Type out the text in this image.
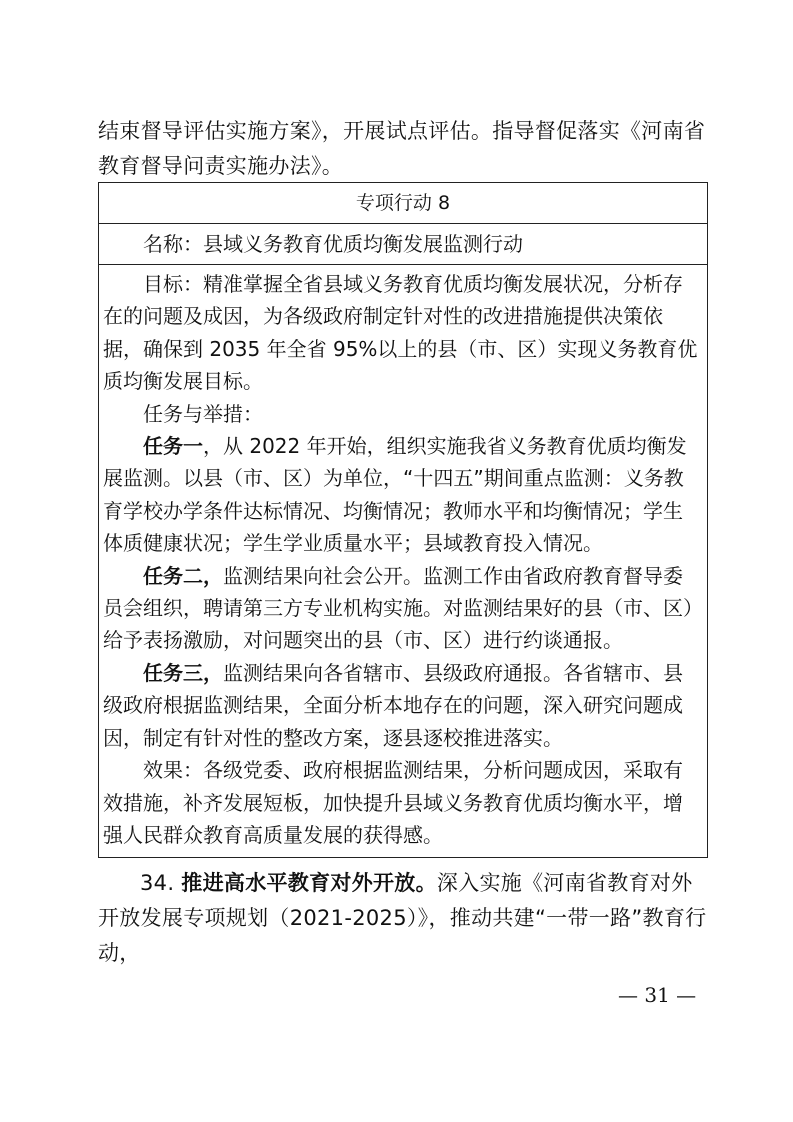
结束督导评估实施方案》，开展试点评估。指导督促落实《河南省
教育督导问责实施办法》。
专项行动 8
名称：县域义务教育优质均衡发展监测行动

目标：精准掌握全省县域义务教育优质均衡发展状况，分析存在的问题及成因，为各级政府制定针对性的改进措施提供决策依据，确保到 2035 年全省 95%以上的县（市、区）实现义务教育优质均衡发展目标。

任务与举措：

任务一，从 2022 年开始，组织实施我省义务教育优质均衡发展监测。以县（市、区）为单位，“十四五”期间重点监测：义务教育学校办学条件达标情况、均衡情况；教师水平和均衡情况；学生体质健康状况；学生学业质量水平；县域教育投入情况。

任务二，监测结果向社会公开。监测工作由省政府教育督导委员会组织，聘请第三方专业机构实施。对监测结果好的县（市、区）给予表扬激励，对问题突出的县（市、区）进行约谈通报。

任务三，监测结果向各省辖市、县级政府通报。各省辖市、县级政府根据监测结果，全面分析本地存在的问题，深入研究问题成因，制定有针对性的整改方案，逐县逐校推进落实。

效果：各级党委、政府根据监测结果，分析问题成因，采取有效措施，补齐发展短板，加快提升县域义务教育优质均衡水平，增强人民群众教育高质量发展的获得感。

34. 推进高水平教育对外开放。深入实施《河南省教育对外开放发展专项规划（2021-2025）》，推动共建“一带一路”教育行动，
— 31 —
